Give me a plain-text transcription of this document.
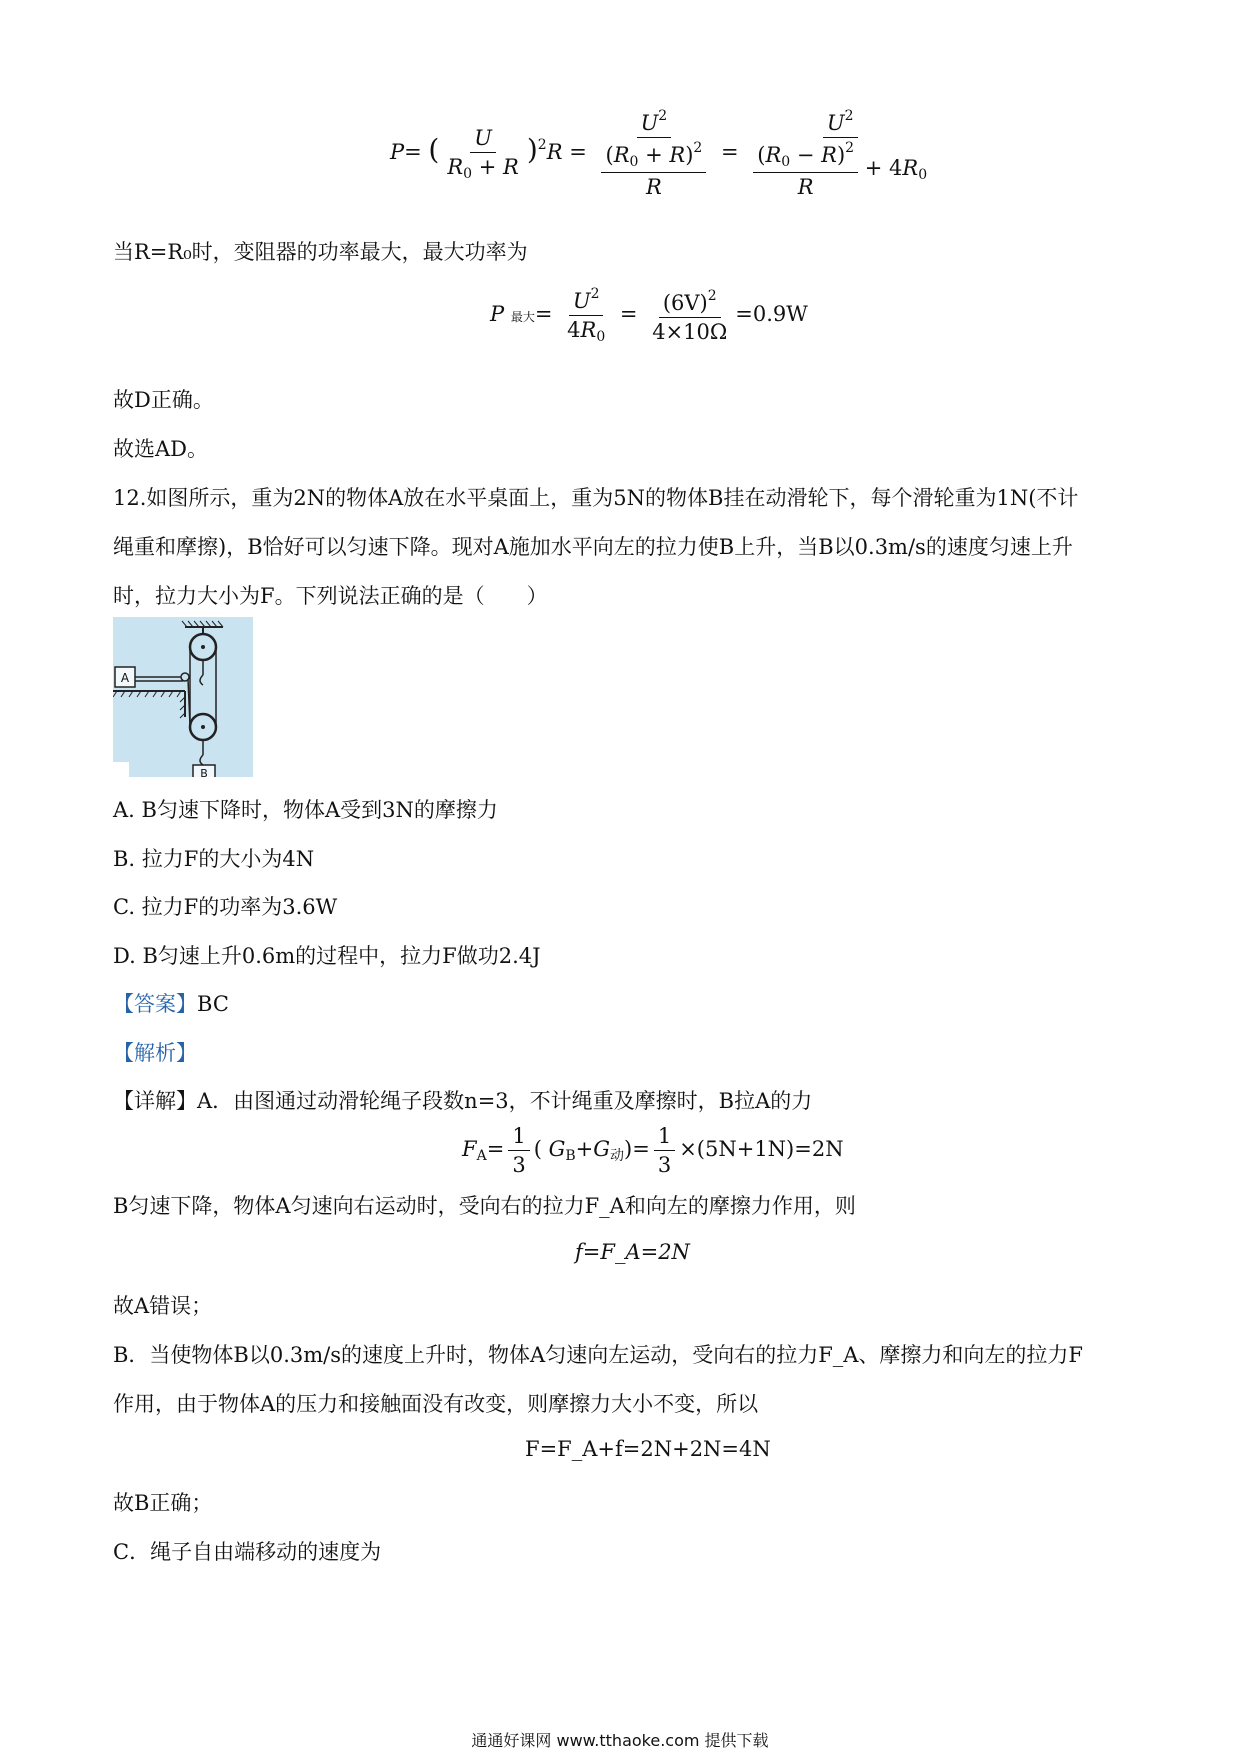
P= ( $\frac{U}{R_0 + R} )^2R = \frac{U^2}{\frac{(R_0 + R)^2}{R}} = \frac{U^2}{\frac{(R_0 - R)^2}{R} + 4R_0}$
当R=R₀时，变阻器的功率最大，最大功率为
P 最大= $\frac{U^2}{4R_0} = \frac{(6V)^2}{4\times 10\Omega} =0.9W$
故D正确。
故选AD。
12.如图所示，重为2N的物体A放在水平桌面上，重为5N的物体B挂在动滑轮下，每个滑轮重为1N(不计
绳重和摩擦)，B恰好可以匀速下降。现对A施加水平向左的拉力使B上升，当B以0.3m/s的速度匀速上升
时，拉力大小为F。下列说法正确的是（　　）
A
B
A. B匀速下降时，物体A受到3N的摩擦力
B. 拉力F的大小为4N
C. 拉力F的功率为3.6W
D. B匀速上升0.6m的过程中，拉力F做功2.4J
【答案】BC
【解析】
【详解】A．由图通过动滑轮绳子段数n=3，不计绳重及摩擦时，B拉A的力
$F_A= \frac{1}{3}$ ( $G_B+G_动)= \frac{1}{3} \times(5N+1N)=2N$
B匀速下降，物体A匀速向右运动时，受向右的拉力F_A和向左的摩擦力作用，则
f=F_A=2N
故A错误；
B．当使物体B以0.3m/s的速度上升时，物体A匀速向左运动，受向右的拉力F_A、摩擦力和向左的拉力F
作用，由于物体A的压力和接触面没有改变，则摩擦力大小不变，所以
F=F_A+f=2N+2N=4N
故B正确；
C．绳子自由端移动的速度为
通通好课网 www.tthaoke.com 提供下载
